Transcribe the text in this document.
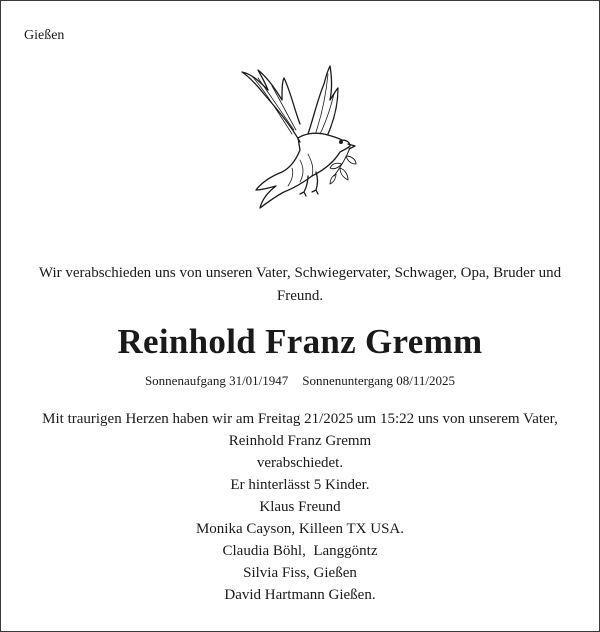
Gießen
Wir verabschieden uns von unseren Vater, Schwiegervater, Schwager, Opa, Bruder und
Freund.
Reinhold Franz Gremm
Sonnenaufgang 31/01/1947 Sonnenuntergang 08/11/2025
Mit traurigen Herzen haben wir am Freitag 21/2025 um 15:22 uns von unserem Vater,
Reinhold Franz Gremm
verabschiedet.
Er hinterlässt 5 Kinder.
Klaus Freund
Monika Cayson, Killeen TX USA.
Claudia Böhl,  Langgöntz
Silvia Fiss, Gießen
David Hartmann Gießen.
